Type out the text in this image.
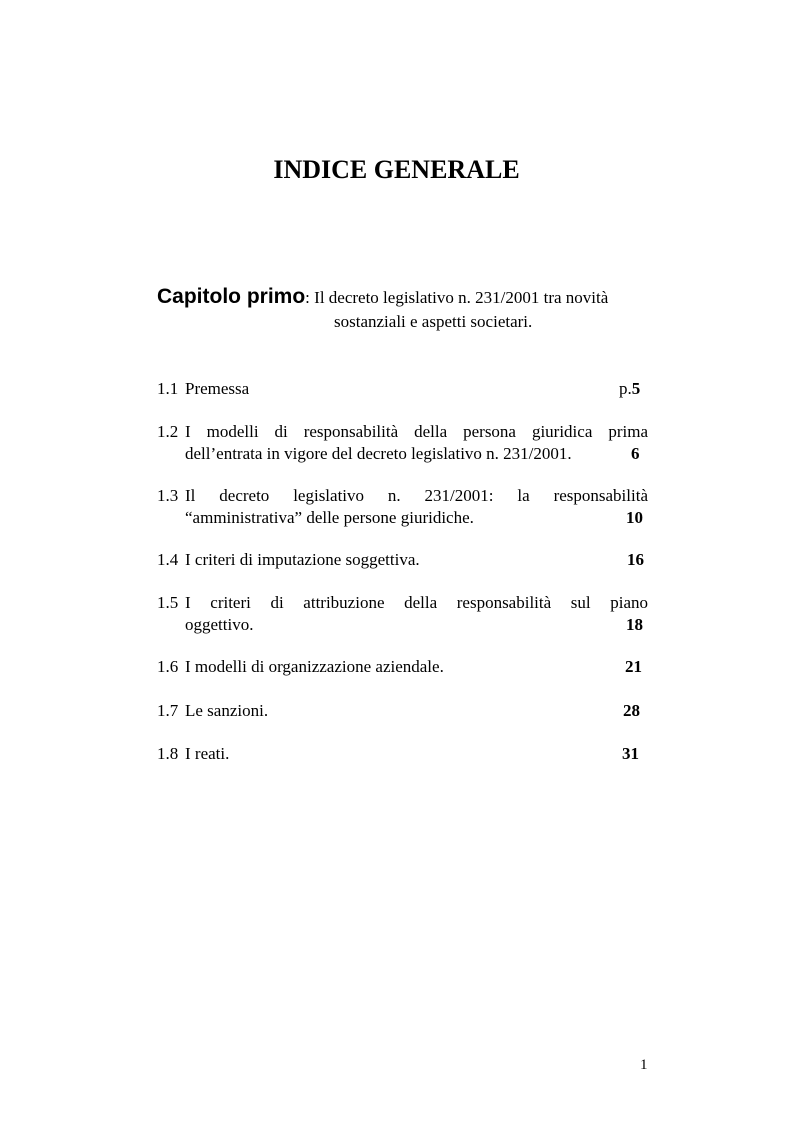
INDICE GENERALE
Capitolo primo: Il decreto legislativo n. 231/2001 tra novità
sostanziali e aspetti societari.
1.1 Premessa	p.5
1.2 I modelli di responsabilità della persona giuridica prima
dell’entrata in vigore del decreto legislativo n. 231/2001.	6
1.3 Il decreto legislativo n. 231/2001: la responsabilità
“amministrativa” delle persone giuridiche.	10
1.4 I criteri di imputazione soggettiva.	16
1.5 I criteri di attribuzione della responsabilità sul piano
oggettivo.	18
1.6 I modelli di organizzazione aziendale.	21
1.7 Le sanzioni.	28
1.8 I reati.	31
1
